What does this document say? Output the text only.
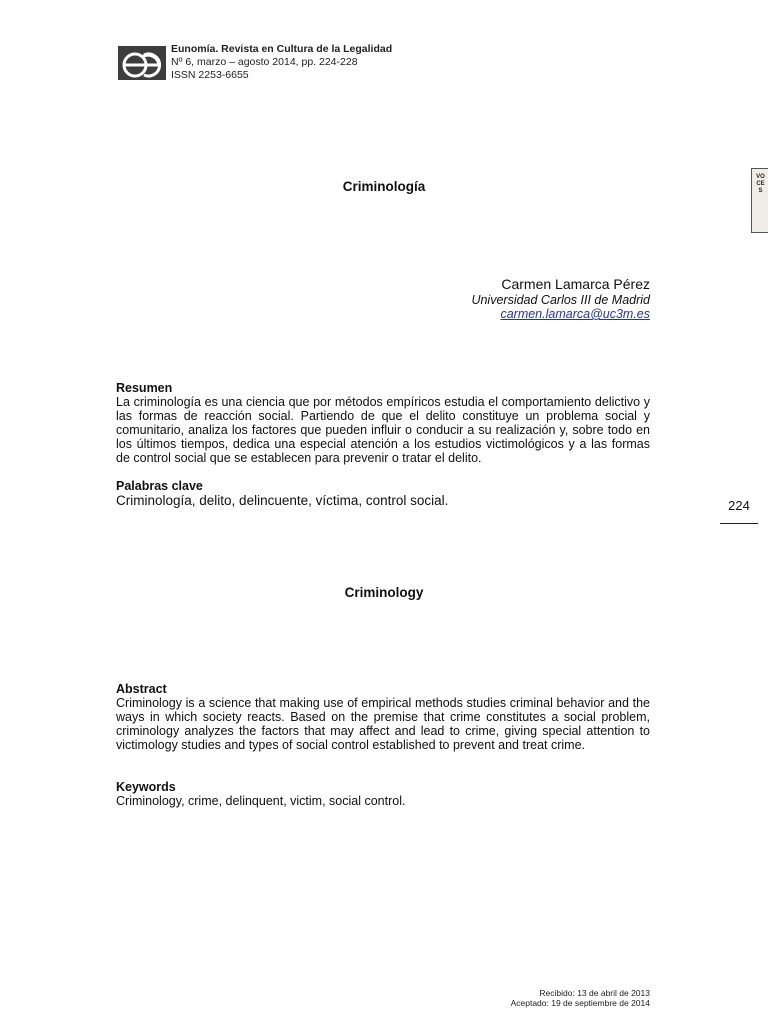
Eunomía. Revista en Cultura de la Legalidad
Nº 6, marzo – agosto 2014, pp. 224-228
ISSN 2253-6655
VOCES
224
Criminología
Carmen Lamarca Pérez
Universidad Carlos III de Madrid
carmen.lamarca@uc3m.es
Resumen
La criminología es una ciencia que por métodos empíricos estudia el comportamiento delictivo y las formas de reacción social. Partiendo de que el delito constituye un problema social y comunitario, analiza los factores que pueden influir o conducir a su realización y, sobre todo en los últimos tiempos, dedica una especial atención a los estudios victimológicos y a las formas de control social que se establecen para prevenir o tratar el delito.
Palabras clave
Criminología, delito, delincuente, víctima, control social.
Criminology
Abstract
Criminology is a science that making use of empirical methods studies criminal behavior and the ways in which society reacts. Based on the premise that crime constitutes a social problem, criminology analyzes the factors that may affect and lead to crime, giving special attention to victimology studies and types of social control established to prevent and treat crime.
Keywords
Criminology, crime, delinquent, victim, social control.
Recibido: 13 de abril de 2013
Aceptado: 19 de septiembre de 2014
